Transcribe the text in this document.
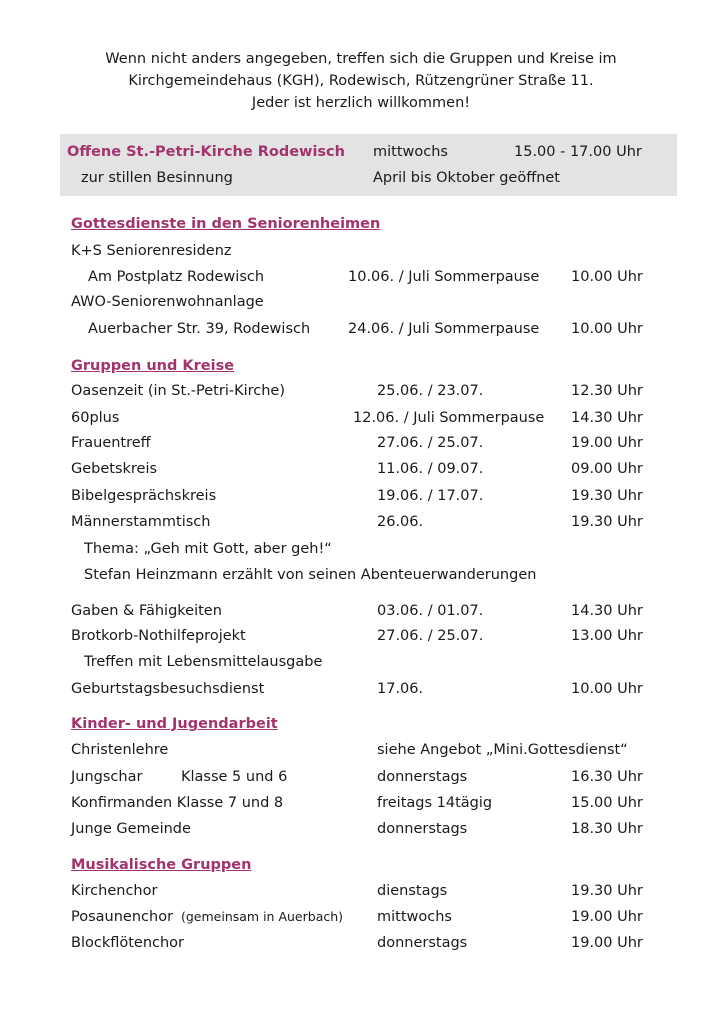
Wenn nicht anders angegeben, treffen sich die Gruppen und Kreise im
Kirchgemeindehaus (KGH), Rodewisch, Rützengrüner Straße 11.
Jeder ist herzlich willkommen!
Offene St.-Petri-Kirche Rodewisch mittwochs	15.00 - 17.00 Uhr
zur stillen Besinnung	April bis Oktober geöffnet
Gottesdienste in den Seniorenheimen
K+S Seniorenresidenz
Am Postplatz Rodewisch	10.06. / Juli Sommerpause 10.00 Uhr
AWO-Seniorenwohnanlage
Auerbacher Str. 39, Rodewisch	24.06. / Juli Sommerpause 10.00 Uhr
Gruppen und Kreise
Oasenzeit (in St.-Petri-Kirche)	25.06. / 23.07.	12.30 Uhr
60plus	12.06. / Juli Sommerpause 14.30 Uhr
Frauentreff	27.06. / 25.07.	19.00 Uhr
Gebetskreis	11.06. / 09.07.	09.00 Uhr
Bibelgesprächskreis	19.06. / 17.07.	19.30 Uhr
Männerstammtisch	26.06.	19.30 Uhr
Thema: „Geh mit Gott, aber geh!“
Stefan Heinzmann erzählt von seinen Abenteuerwanderungen
Gaben & Fähigkeiten	03.06. / 01.07.	14.30 Uhr
Brotkorb-Nothilfeprojekt	27.06. / 25.07.	13.00 Uhr
Treffen mit Lebensmittelausgabe
Geburtstagsbesuchsdienst	17.06.	10.00 Uhr
Kinder- und Jugendarbeit
Christenlehre	siehe Angebot „Mini.Gottesdienst“
Jungschar	Klasse 5 und 6	donnerstags	16.30 Uhr
Konfirmanden Klasse 7 und 8	freitags 14tägig	15.00 Uhr
Junge Gemeinde	donnerstags	18.30 Uhr
Musikalische Gruppen
Kirchenchor	dienstags	19.30 Uhr
Posaunenchor (gemeinsam in Auerbach) mittwochs	19.00 Uhr
Blockflötenchor	donnerstags	19.00 Uhr
